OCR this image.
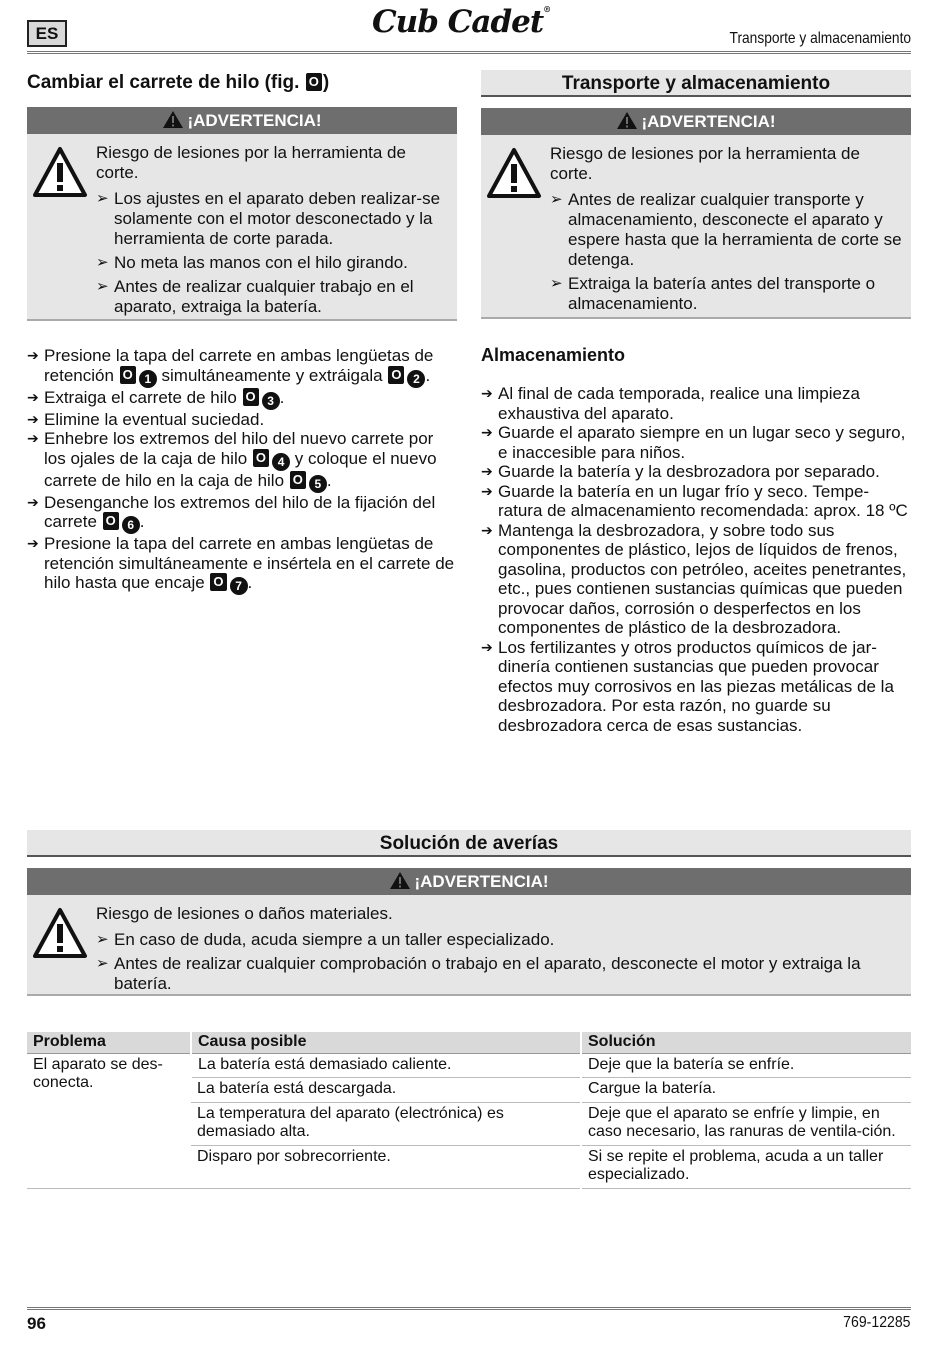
ES	Cub Cadet®
Transporte y almacenamiento
Cambiar el carrete de hilo (fig. O )
¡ADVERTENCIA!
Riesgo de lesiones por la herramienta de corte.
➢ Los ajustes en el aparato deben realizar-se solamente con el motor desconectado y la herramienta de corte parada.
➢ No meta las manos con el hilo girando.
➢ Antes de realizar cualquier trabajo en el aparato, extraiga la batería.
➔ Presione la tapa del carrete en ambas lengüetas de retención O 1 simultáneamente y extráigala O 2 .
➔ Extraiga el carrete de hilo O 3 .
➔ Elimine la eventual suciedad.
➔ Enhebre los extremos del hilo del nuevo carrete por los ojales de la caja de hilo O 4 y coloque el nuevo carrete de hilo en la caja de hilo O 5 .
➔ Desenganche los extremos del hilo de la fijación del carrete O 6 .
➔ Presione la tapa del carrete en ambas lengüetas de retención simultáneamente e insértela en el carrete de hilo hasta que encaje O 7 .
Transporte y almacenamiento
¡ADVERTENCIA!
Riesgo de lesiones por la herramienta de corte.
➢ Antes de realizar cualquier transporte y almacenamiento, desconecte el aparato y espere hasta que la herramienta de corte se detenga.
➢ Extraiga la batería antes del transporte o almacenamiento.
Almacenamiento
➔ Al final de cada temporada, realice una limpieza exhaustiva del aparato.
➔ Guarde el aparato siempre en un lugar seco y seguro, e inaccesible para niños.
➔ Guarde la batería y la desbrozadora por separado.
➔ Guarde la batería en un lugar frío y seco. Tempe-ratura de almacenamiento recomendada: aprox. 18 ºC
➔ Mantenga la desbrozadora, y sobre todo sus componentes de plástico, lejos de líquidos de frenos, gasolina, productos con petróleo, aceites penetrantes, etc., pues contienen sustancias químicas que pueden provocar daños, corrosión o desperfectos en los componentes de plástico de la desbrozadora.
➔ Los fertilizantes y otros productos químicos de jar-dinería contienen sustancias que pueden provocar efectos muy corrosivos en las piezas metálicas de la desbrozadora. Por esta razón, no guarde su desbrozadora cerca de esas sustancias.
Solución de averías
¡ADVERTENCIA!
Riesgo de lesiones o daños materiales.
➢ En caso de duda, acuda siempre a un taller especializado.
➢ Antes de realizar cualquier comprobación o trabajo en el aparato, desconecte el motor y extraiga la batería.
Problema	Causa posible	Solución
El aparato se des-conecta.	La batería está demasiado caliente.	Deje que la batería se enfríe.
	La batería está descargada.	Cargue la batería.
	La temperatura del aparato (electrónica) es demasiado alta.	Deje que el aparato se enfríe y limpie, en caso necesario, las ranuras de ventila-ción.
	Disparo por sobrecorriente.	Si se repite el problema, acuda a un taller especializado.
96	769-12285
